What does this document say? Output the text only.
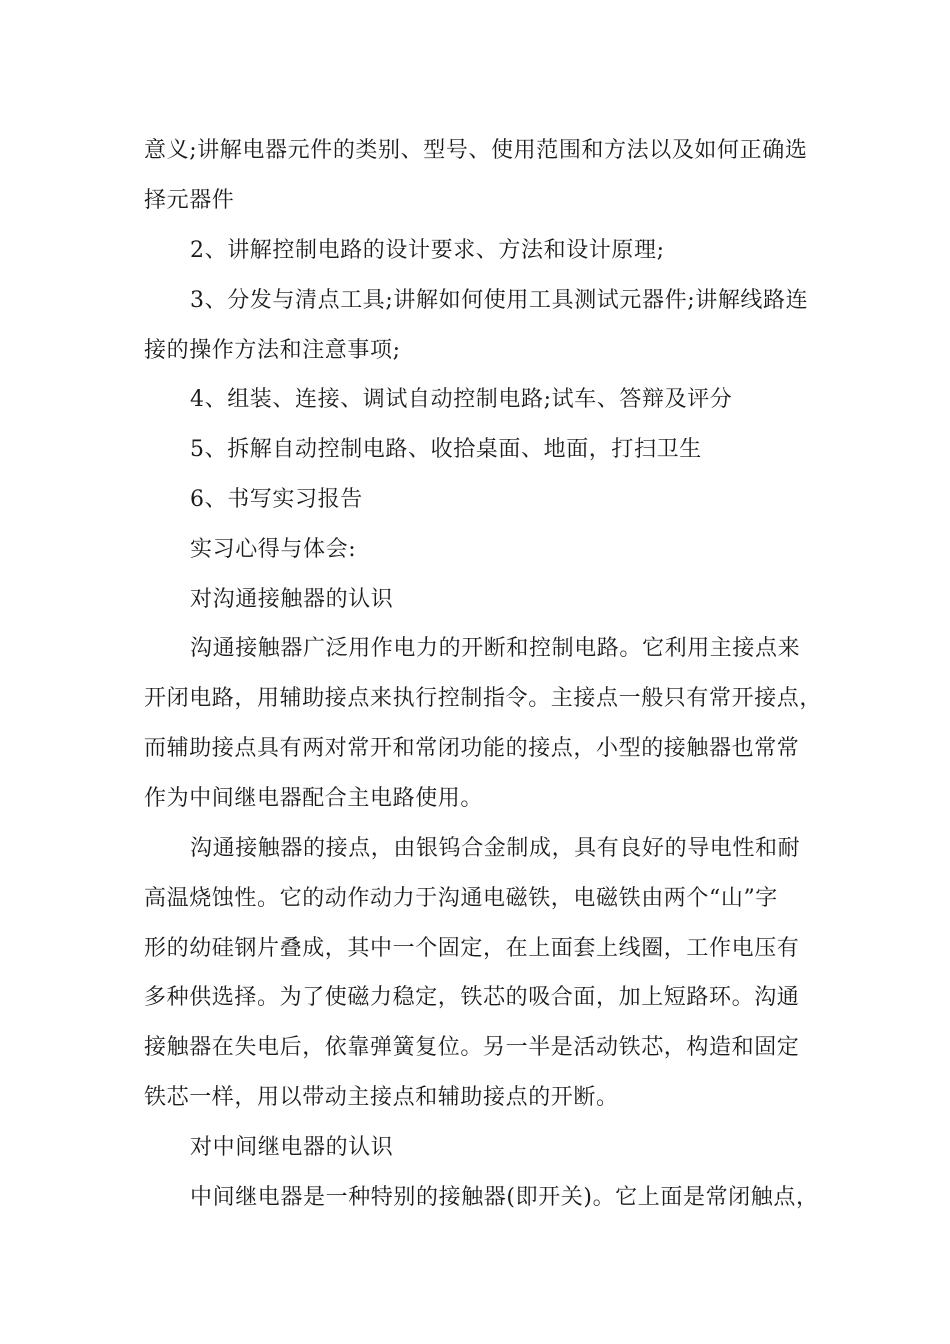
意义;讲解电器元件的类别、型号、使用范围和方法以及如何正确选
择元器件
2、讲解控制电路的设计要求、方法和设计原理;
3、分发与清点工具;讲解如何使用工具测试元器件;讲解线路连
接的操作方法和注意事项;
4、组装、连接、调试自动控制电路;试车、答辩及评分
5、拆解自动控制电路、收拾桌面、地面，打扫卫生
6、书写实习报告
实习心得与体会:
对沟通接触器的认识
沟通接触器广泛用作电力的开断和控制电路。它利用主接点来
开闭电路，用辅助接点来执行控制指令。主接点一般只有常开接点，
而辅助接点具有两对常开和常闭功能的接点，小型的接触器也常常
作为中间继电器配合主电路使用。
沟通接触器的接点，由银钨合金制成，具有良好的导电性和耐
高温烧蚀性。它的动作动力于沟通电磁铁，电磁铁由两个“山”字
形的幼硅钢片叠成，其中一个固定，在上面套上线圈，工作电压有
多种供选择。为了使磁力稳定，铁芯的吸合面，加上短路环。沟通
接触器在失电后，依靠弹簧复位。另一半是活动铁芯，构造和固定
铁芯一样，用以带动主接点和辅助接点的开断。
对中间继电器的认识
中间继电器是一种特别的接触器(即开关)。它上面是常闭触点，
